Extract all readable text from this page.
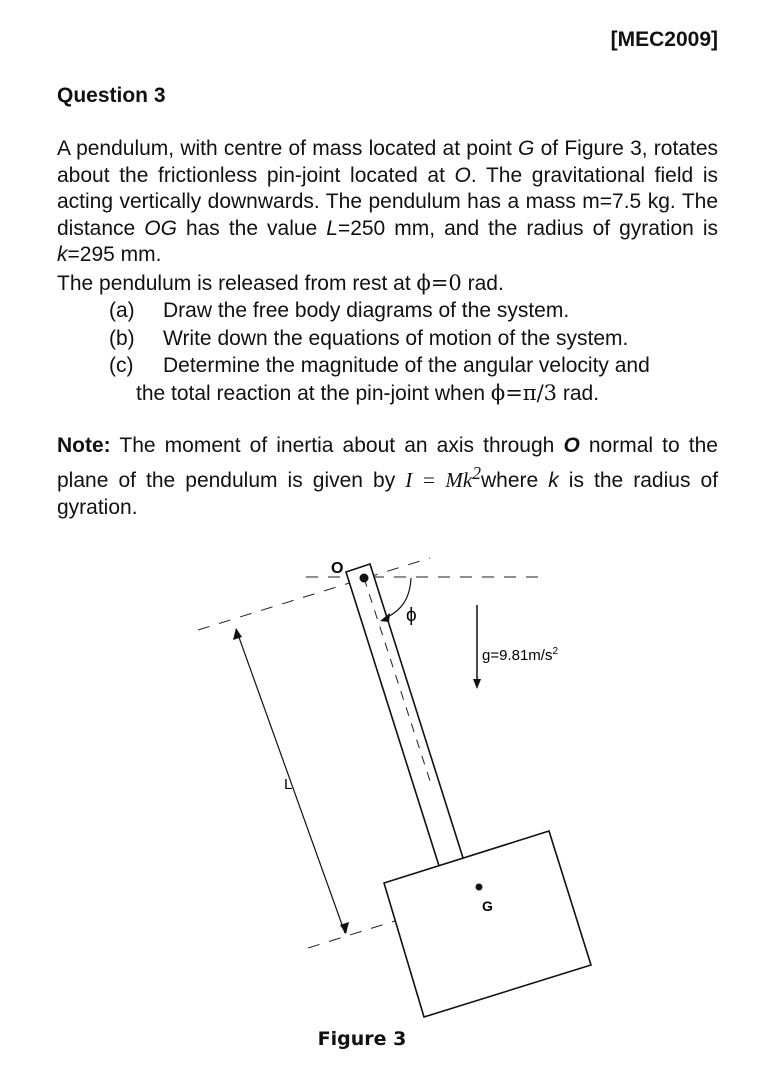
[MEC2009]
Question 3
A pendulum, with centre of mass located at point G of Figure 3, rotates about the frictionless pin-joint located at O. The gravitational field is acting vertically downwards. The pendulum has a mass m=7.5 kg. The distance OG has the value L=250 mm, and the radius of gyration is k=295 mm.
The pendulum is released from rest at ϕ=0 rad.
(a)	Draw the free body diagrams of the system.
(b)	Write down the equations of motion of the system.
(c)	Determine the magnitude of the angular velocity and
the total reaction at the pin-joint when ϕ=π/3 rad.
Note: The moment of inertia about an axis through O normal to the plane of the pendulum is given by $I = Mk^2where$ k is the radius of gyration.
O
ϕ
$g=9.81m/s^2$
L
G
Figure 3
